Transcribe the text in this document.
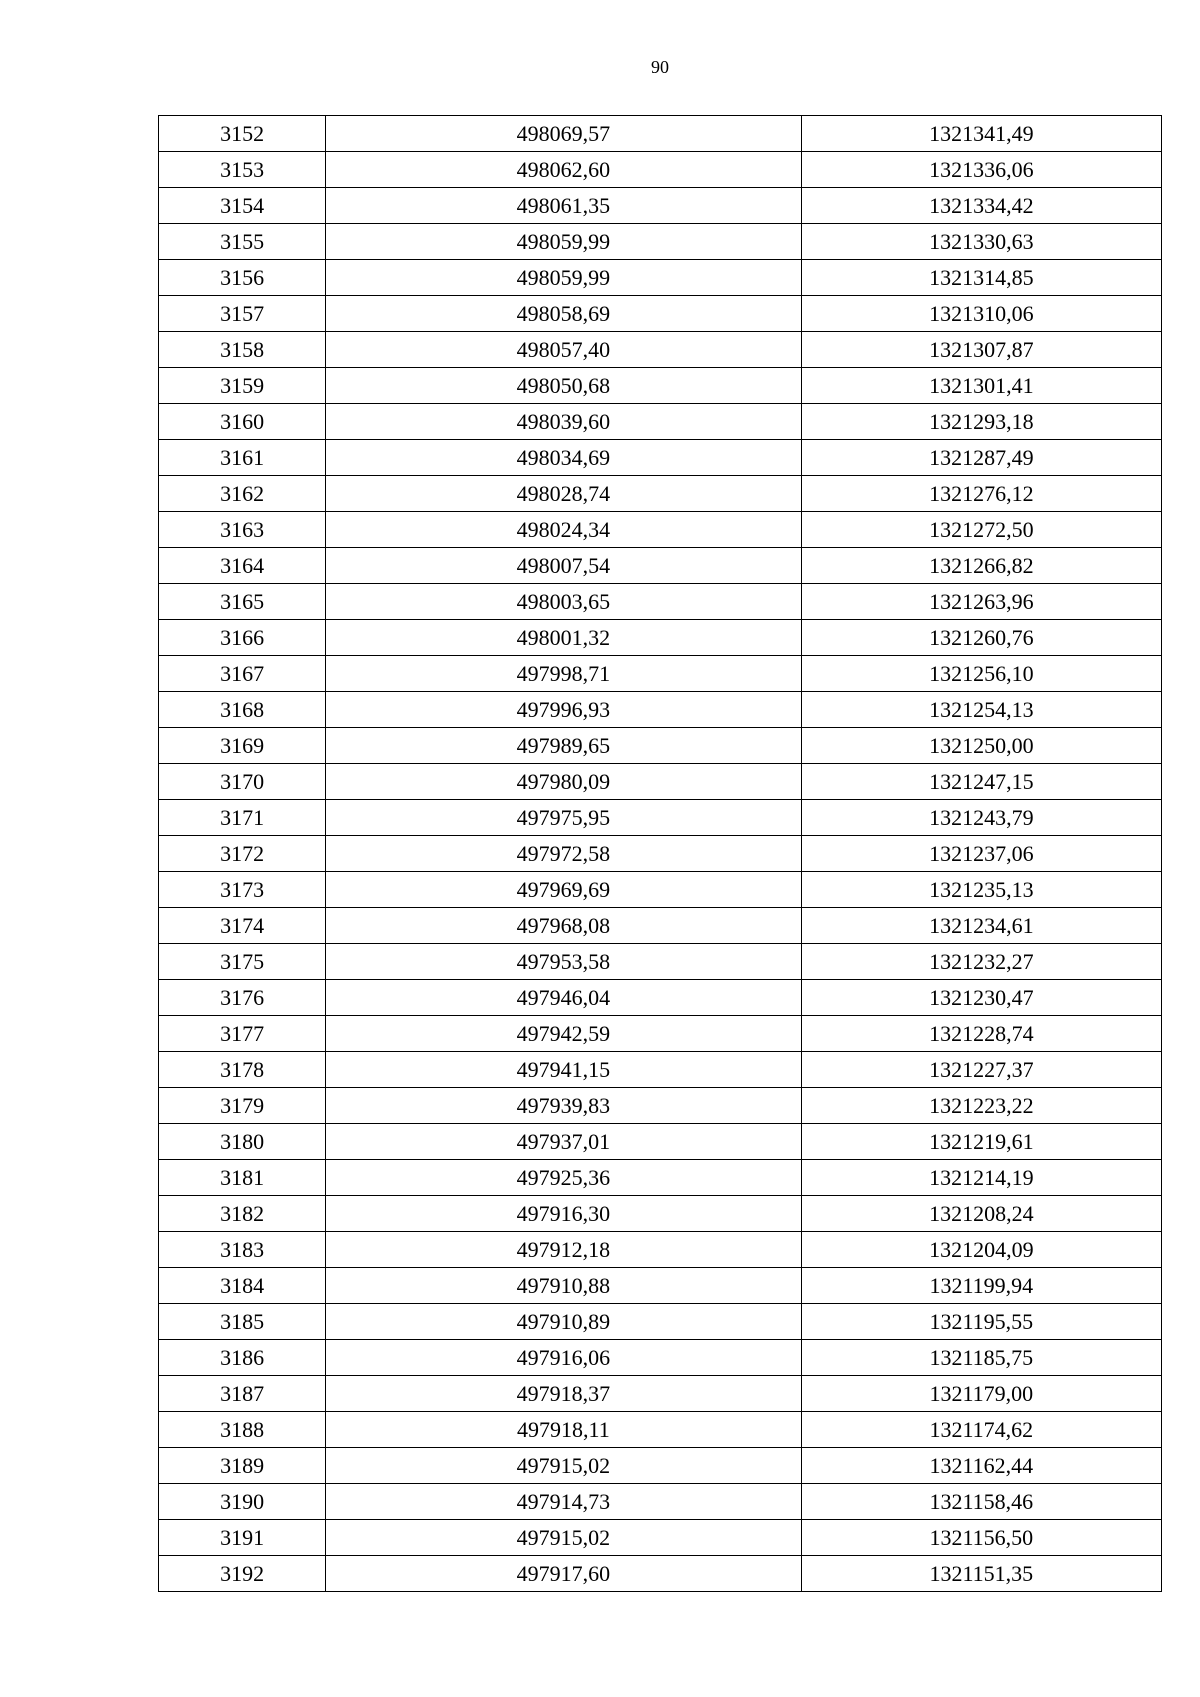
90
3152	498069,57	1321341,49
3153	498062,60	1321336,06
3154	498061,35	1321334,42
3155	498059,99	1321330,63
3156	498059,99	1321314,85
3157	498058,69	1321310,06
3158	498057,40	1321307,87
3159	498050,68	1321301,41
3160	498039,60	1321293,18
3161	498034,69	1321287,49
3162	498028,74	1321276,12
3163	498024,34	1321272,50
3164	498007,54	1321266,82
3165	498003,65	1321263,96
3166	498001,32	1321260,76
3167	497998,71	1321256,10
3168	497996,93	1321254,13
3169	497989,65	1321250,00
3170	497980,09	1321247,15
3171	497975,95	1321243,79
3172	497972,58	1321237,06
3173	497969,69	1321235,13
3174	497968,08	1321234,61
3175	497953,58	1321232,27
3176	497946,04	1321230,47
3177	497942,59	1321228,74
3178	497941,15	1321227,37
3179	497939,83	1321223,22
3180	497937,01	1321219,61
3181	497925,36	1321214,19
3182	497916,30	1321208,24
3183	497912,18	1321204,09
3184	497910,88	1321199,94
3185	497910,89	1321195,55
3186	497916,06	1321185,75
3187	497918,37	1321179,00
3188	497918,11	1321174,62
3189	497915,02	1321162,44
3190	497914,73	1321158,46
3191	497915,02	1321156,50
3192	497917,60	1321151,35
